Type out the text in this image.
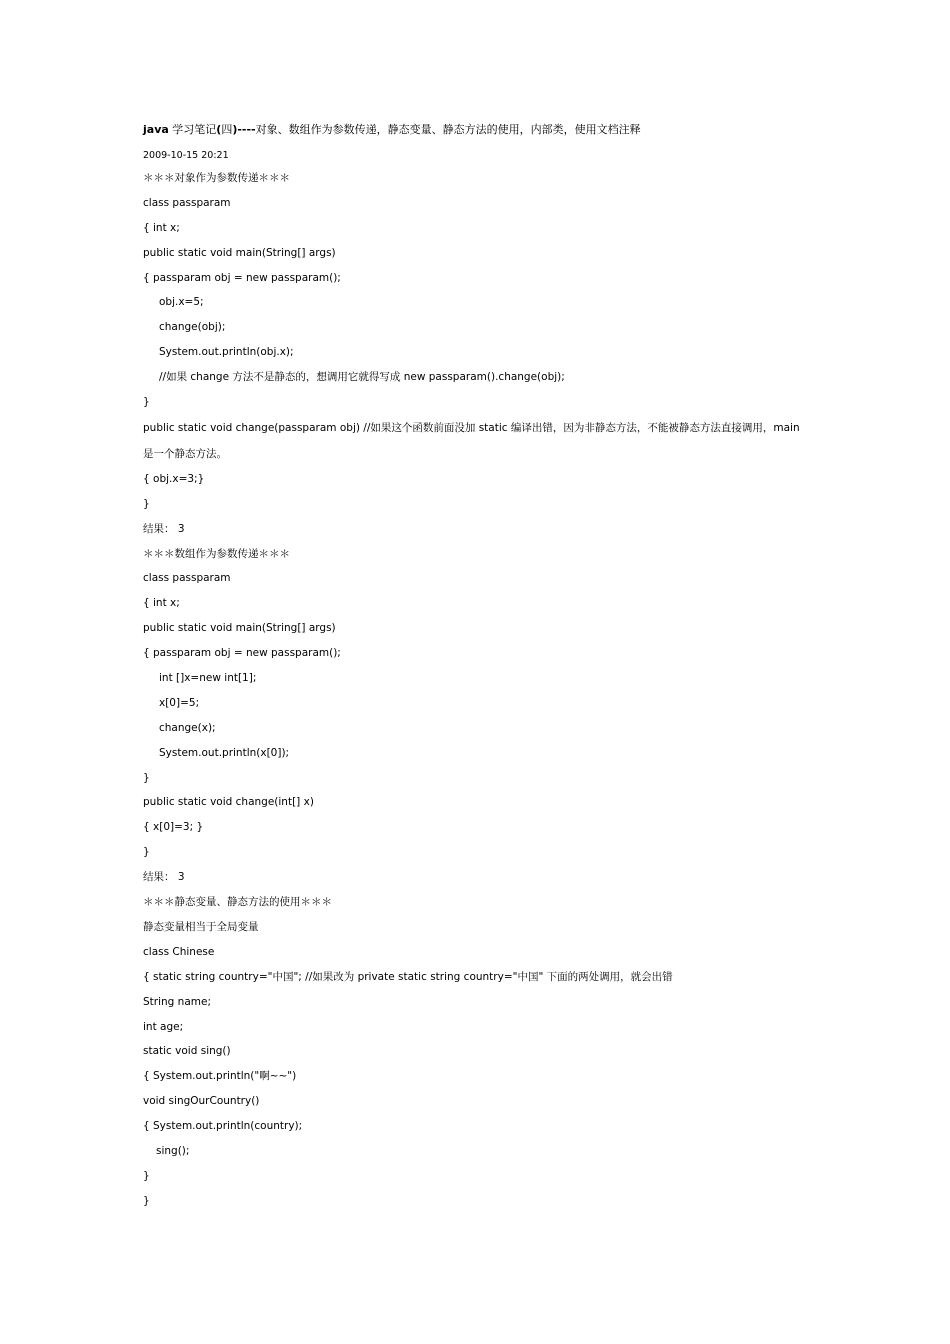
java 学习笔记(四)----对象、数组作为参数传递，静态变量、静态方法的使用，内部类，使用文档注释
2009-10-15 20:21
＊＊＊对象作为参数传递＊＊＊
class passparam
{ int x;
public static void main(String[] args)
{ passparam obj = new passparam();
obj.x=5;
change(obj);
System.out.println(obj.x);
//如果 change 方法不是静态的，想调用它就得写成 new passparam().change(obj);
}
public static void change(passparam obj) //如果这个函数前面没加 static 编译出错，因为非静态方法，不能被静态方法直接调用，main 是一个静态方法。
{ obj.x=3;}
}
结果： 3
＊＊＊数组作为参数传递＊＊＊
class passparam
{ int x;
public static void main(String[] args)
{ passparam obj = new passparam();
int []x=new int[1];
x[0]=5;
change(x);
System.out.println(x[0]);
}
public static void change(int[] x)
{ x[0]=3; }
}
结果： 3
＊＊＊静态变量、静态方法的使用＊＊＊
静态变量相当于全局变量
class Chinese
{ static string country="中国"; //如果改为 private static string country="中国" 下面的两处调用，就会出错
String name;
int age;
static void sing()
{ System.out.println("啊~~")
void singOurCountry()
{ System.out.println(country);
sing();
}
}
